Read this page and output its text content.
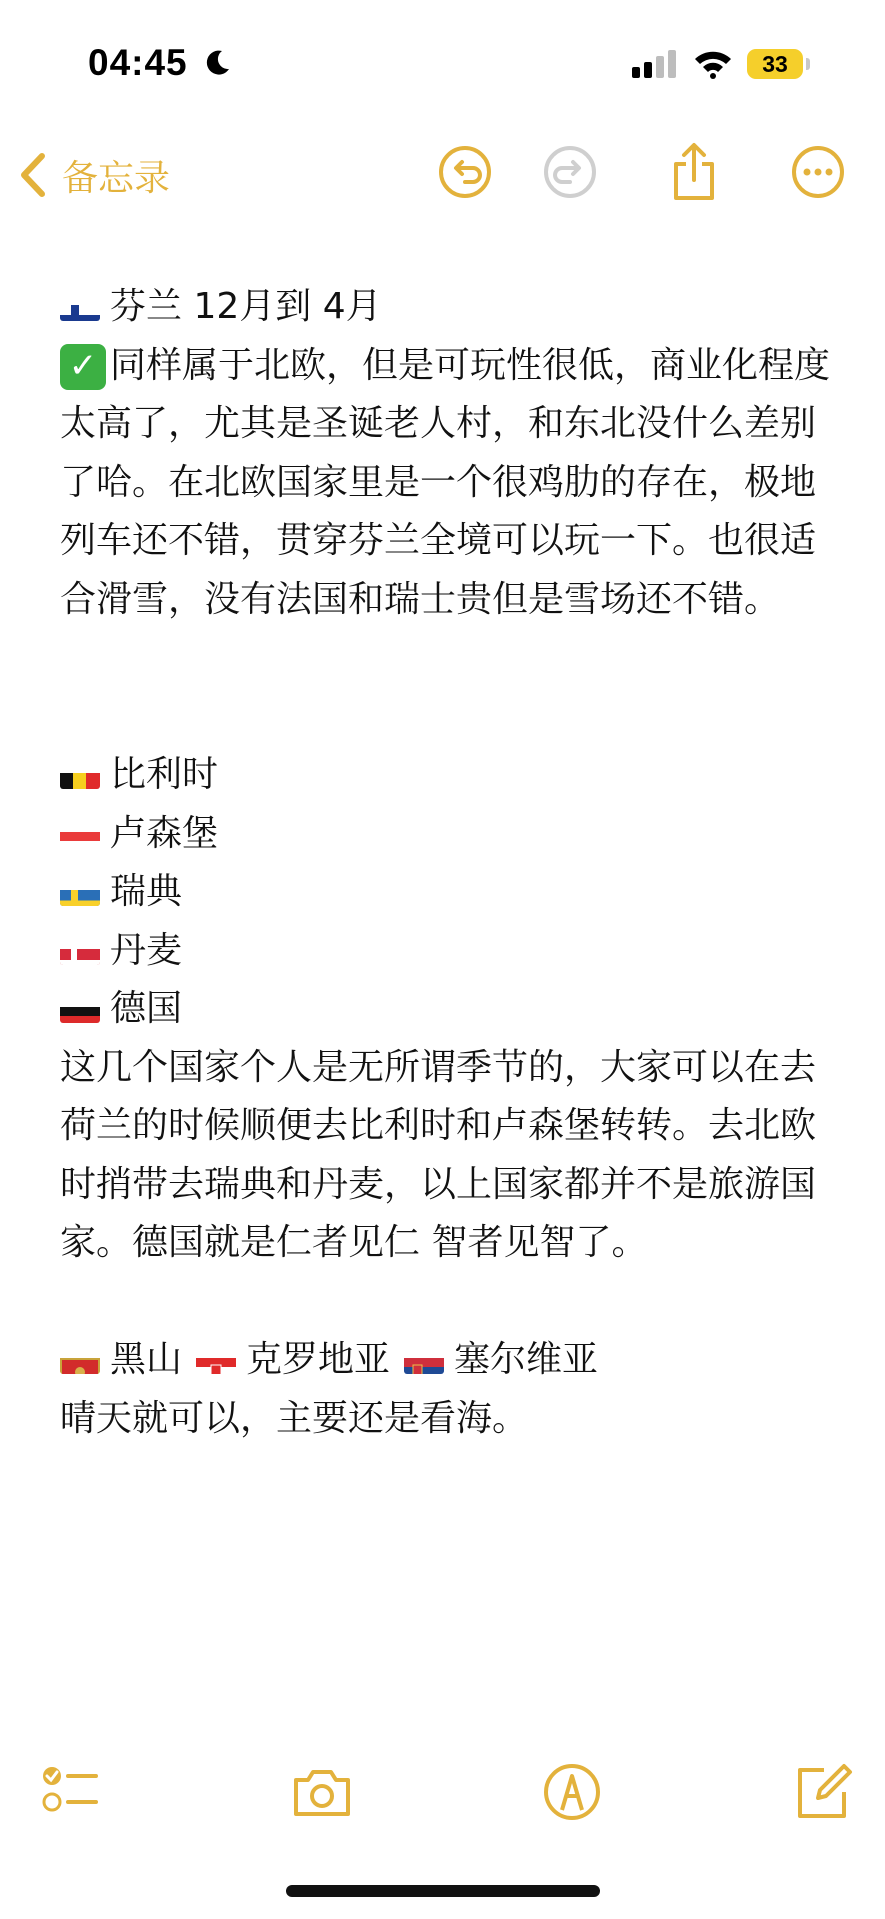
04:45	33
备忘录
芬兰 12月到 4月
✓ 同样属于北欧，但是可玩性很低，商业化程度太高了，尤其是圣诞老人村，和东北没什么差别了哈。在北欧国家里是一个很鸡肋的存在，极地列车还不错，贯穿芬兰全境可以玩一下。也很适合滑雪，没有法国和瑞士贵但是雪场还不错。
比利时
卢森堡
瑞典
丹麦
德国
这几个国家个人是无所谓季节的，大家可以在去荷兰的时候顺便去比利时和卢森堡转转。去北欧时捎带去瑞典和丹麦，以上国家都并不是旅游国家。德国就是仁者见仁 智者见智了。
黑山 克罗地亚 塞尔维亚
晴天就可以，主要还是看海。
